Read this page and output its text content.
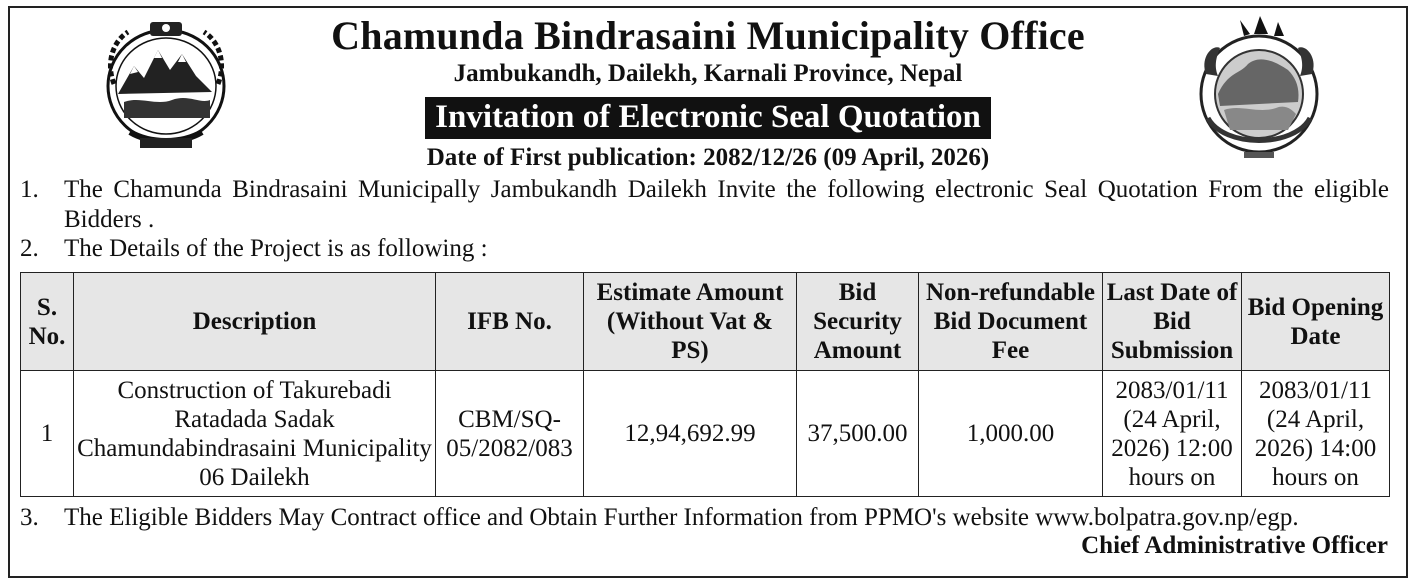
Chamunda Bindrasaini Municipality Office
Jambukandh, Dailekh, Karnali Province, Nepal
Invitation of Electronic Seal Quotation
Date of First publication: 2082/12/26 (09 April, 2026)
1. The Chamunda Bindrasaini Municipally Jambukandh Dailekh Invite the following electronic Seal Quotation From the eligible Bidders .
2. The Details of the Project is as following :
S. No.	Description	IFB No.	Estimate Amount (Without Vat & PS)	Bid Security Amount	Non-refundable Bid Document Fee	Last Date of Bid Submission	Bid Opening Date
1	Construction of Takurebadi Ratadada Sadak Chamundabindrasaini Municipality 06 Dailekh	CBM/SQ-05/2082/083	12,94,692.99	37,500.00	1,000.00	2083/01/11 (24 April, 2026) 12:00 hours on	2083/01/11 (24 April, 2026) 14:00 hours on
3. The Eligible Bidders May Contract office and Obtain Further Information from PPMO's website www.bolpatra.gov.np/egp.
Chief Administrative Officer
